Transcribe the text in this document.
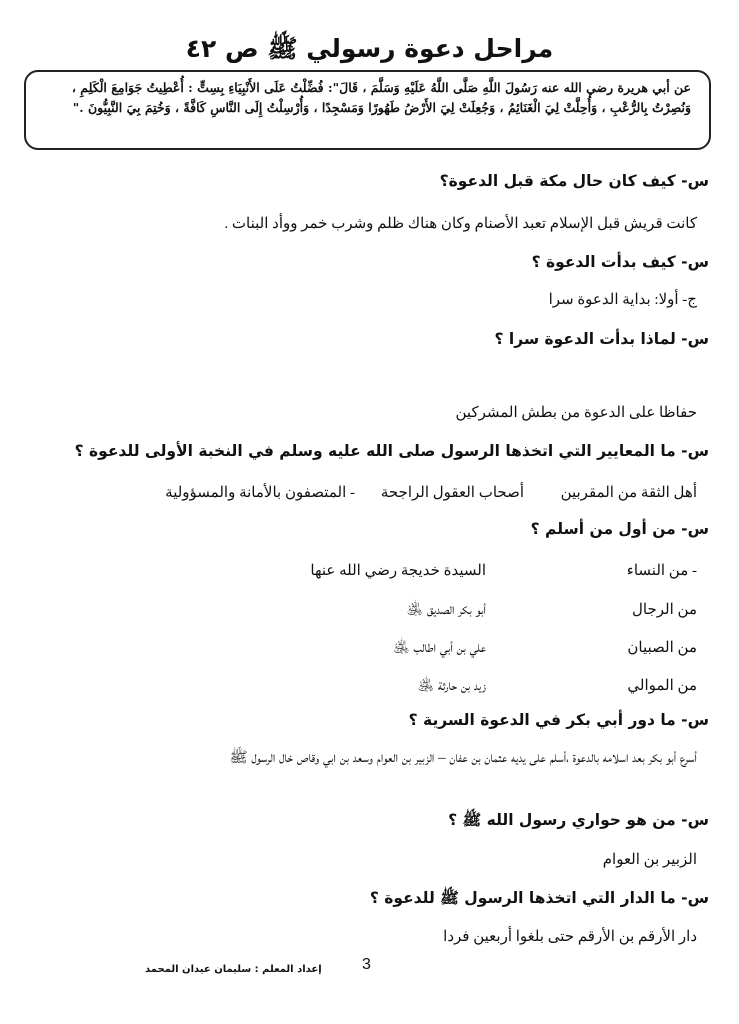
مراحل دعوة رسولي ﷺ ص ٤٢
عن أبي هريرة رضي الله عنه رَسُولَ اللَّهِ صَلَّى اللَّهُ عَلَيْهِ وَسَلَّمَ ، قَالَ": فُضِّلْتُ عَلَى الأَنْبِيَاءِ بِسِتٍّ : أُعْطِيتُ جَوَامِعَ الْكَلِمِ ، وَنُصِرْتُ بِالرُّعْبِ ، وَأُحِلَّتْ لِيَ الْغَنَائِمُ ، وَجُعِلَتْ لِيَ الأَرْضُ طَهُورًا وَمَسْجِدًا ، وَأُرْسِلْتُ إِلَى النَّاسِ كَافَّةً ، وَخُتِمَ بِيَ النَّبِيُّونَ ."
س- كيف كان حال مكة قبل الدعوة؟
كانت قريش قبل الإسلام تعبد الأصنام وكان هناك ظلم وشرب خمر ووأد البنات .
س- كيف بدأت الدعوة ؟
ج- أولا: بداية الدعوة سرا
س- لماذا بدأت الدعوة سرا ؟
حفاظا على الدعوة من بطش المشركين
س- ما المعايير التي اتخذها الرسول صلى الله عليه وسلم في النخبة الأولى للدعوة ؟
أهل الثقة من المقربين
أصحاب العقول الراجحة
- المتصفون بالأمانة والمسؤولية
س- من أول من أسلم ؟
- من النساء
السيدة خديجة رضي الله عنها
من الرجال
أبو بكر الصديق ﵁
من الصبيان
علي بن أبي اطالب ﵁
من الموالي
زيد بن حارثة ﵁
س- ما دور أبي بكر في الدعوة السرية ؟
أسرع أبو بكر بعد اسلامه بالدعوة ،أسلم على يديه عثمان بن عفان – الزبير بن العوام وسعد بن ابي وقاص خال الرسول ﷺ
س- من هو حواري رسول الله ﷺ ؟
الزبير بن العوام
س- ما الدار التي اتخذها الرسول ﷺ للدعوة ؟
دار الأرقم بن الأرقم حتى بلغوا أربعين فردا
3
إعداد المعلم : سليمان عيدان المحمد
